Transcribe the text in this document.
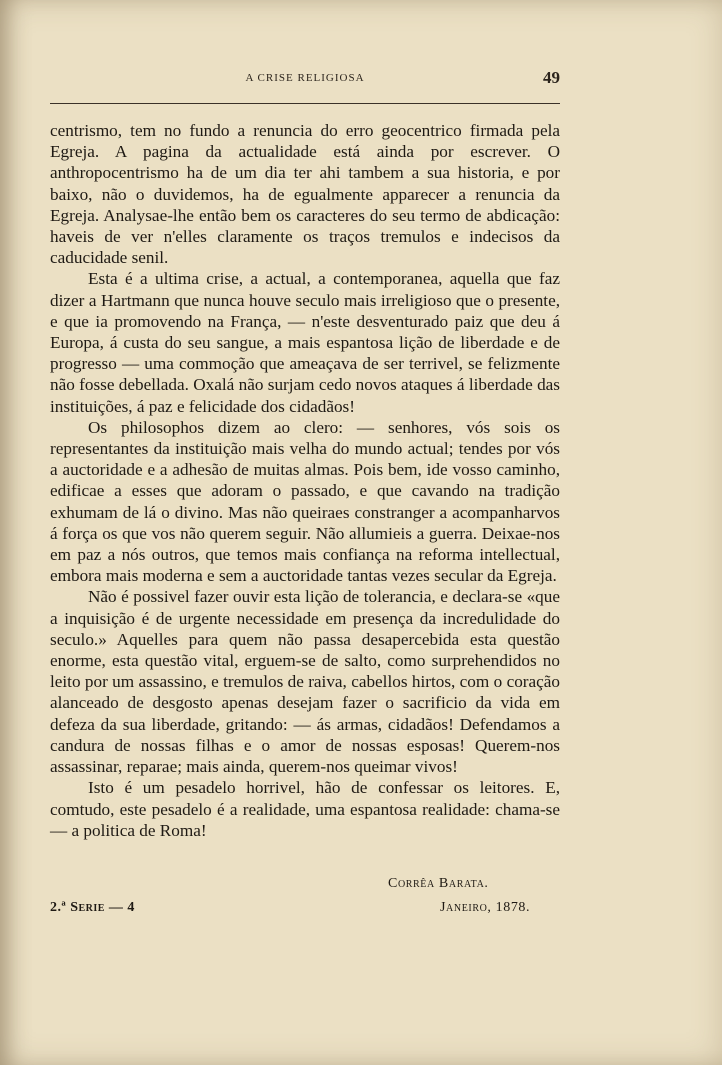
A CRISE RELIGIOSA	49

centrismo, tem no fundo a renuncia do erro geocentrico firmada pela Egreja. A pagina da actualidade está ainda por escrever. O anthropocentrismo ha de um dia ter ahi tambem a sua historia, e por baixo, não o duvidemos, ha de egualmente apparecer a renuncia da Egreja. Analysae-lhe então bem os caracteres do seu termo de abdicação: haveis de ver n'elles claramente os traços tremulos e indecisos da caducidade senil.

Esta é a ultima crise, a actual, a contemporanea, aquella que faz dizer a Hartmann que nunca houve seculo mais irreligioso que o presente, e que ia promovendo na França, — n'este desventurado paiz que deu á Europa, á custa do seu sangue, a mais espantosa lição de liberdade e de progresso — uma commoção que ameaçava de ser terrivel, se felizmente não fosse debellada. Oxalá não surjam cedo novos ataques á liberdade das instituições, á paz e felicidade dos cidadãos!

Os philosophos dizem ao clero: — senhores, vós sois os representantes da instituição mais velha do mundo actual; tendes por vós a auctoridade e a adhesão de muitas almas. Pois bem, ide vosso caminho, edificae a esses que adoram o passado, e que cavando na tradição exhumam de lá o divino. Mas não queiraes constranger a acompanharvos á força os que vos não querem seguir. Não allumieis a guerra. Deixae-nos em paz a nós outros, que temos mais confiança na reforma intellectual, embora mais moderna e sem a auctoridade tantas vezes secular da Egreja.

Não é possivel fazer ouvir esta lição de tolerancia, e declara-se «que a inquisição é de urgente necessidade em presença da incredulidade do seculo.» Aquelles para quem não passa desapercebida esta questão enorme, esta questão vital, erguem-se de salto, como surprehendidos no leito por um assassino, e tremulos de raiva, cabellos hirtos, com o coração alanceado de desgosto apenas desejam fazer o sacrificio da vida em defeza da sua liberdade, gritando: — ás armas, cidadãos! Defendamos a candura de nossas filhas e o amor de nossas esposas! Querem-nos assassinar, reparae; mais ainda, querem-nos queimar vivos!

Isto é um pesadelo horrivel, hão de confessar os leitores. E, comtudo, este pesadelo é a realidade, uma espantosa realidade: chama-se — a politica de Roma!

Corrêa Barata.
2.ª Serie — 4	Janeiro, 1878.
